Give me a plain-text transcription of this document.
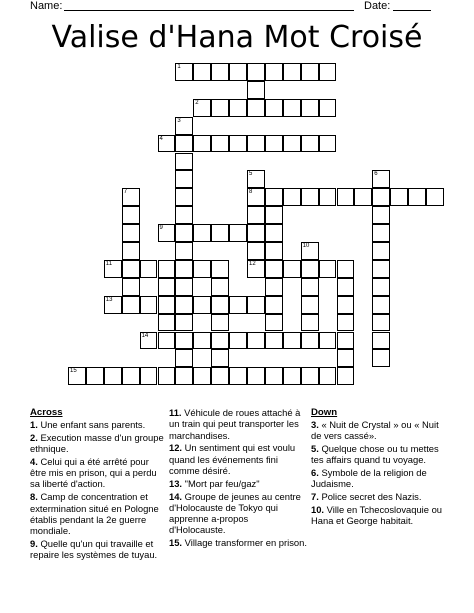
Name:	Date:
Valise d'Hana Mot Croisé
1
2
3
4
5
8
12
6
7
9
10
11
13
14
15
Across
1. Une enfant sans parents.
2. Execution masse d'un groupe ethnique.
4. Celui qui a été arrêté pour être mis en prison, qui a perdu sa liberté d'action.
8. Camp de concentration et extermination situé en Pologne établis pendant la 2e guerre mondiale.
9. Quelle qu'un qui travaille et repaire les systèmes de tuyau.
11. Véhicule de roues attaché à un train qui peut transporter les marchandises.
12. Un sentiment qui est voulu quand les événements fini comme désiré.
13. "Mort par feu/gaz"
14. Groupe de jeunes au centre d'Holocauste de Tokyo qui apprenne a-propos d'Holocauste.
15. Village transformer en prison.
Down
3. « Nuit de Crystal » ou « Nuit de vers cassé».
5. Quelque chose ou tu mettes tes affairs quand tu voyage.
6. Symbole de la religion de Judaisme.
7. Police secret des Nazis.
10. Ville en Tchecoslovaquie ou Hana et George habitait.
